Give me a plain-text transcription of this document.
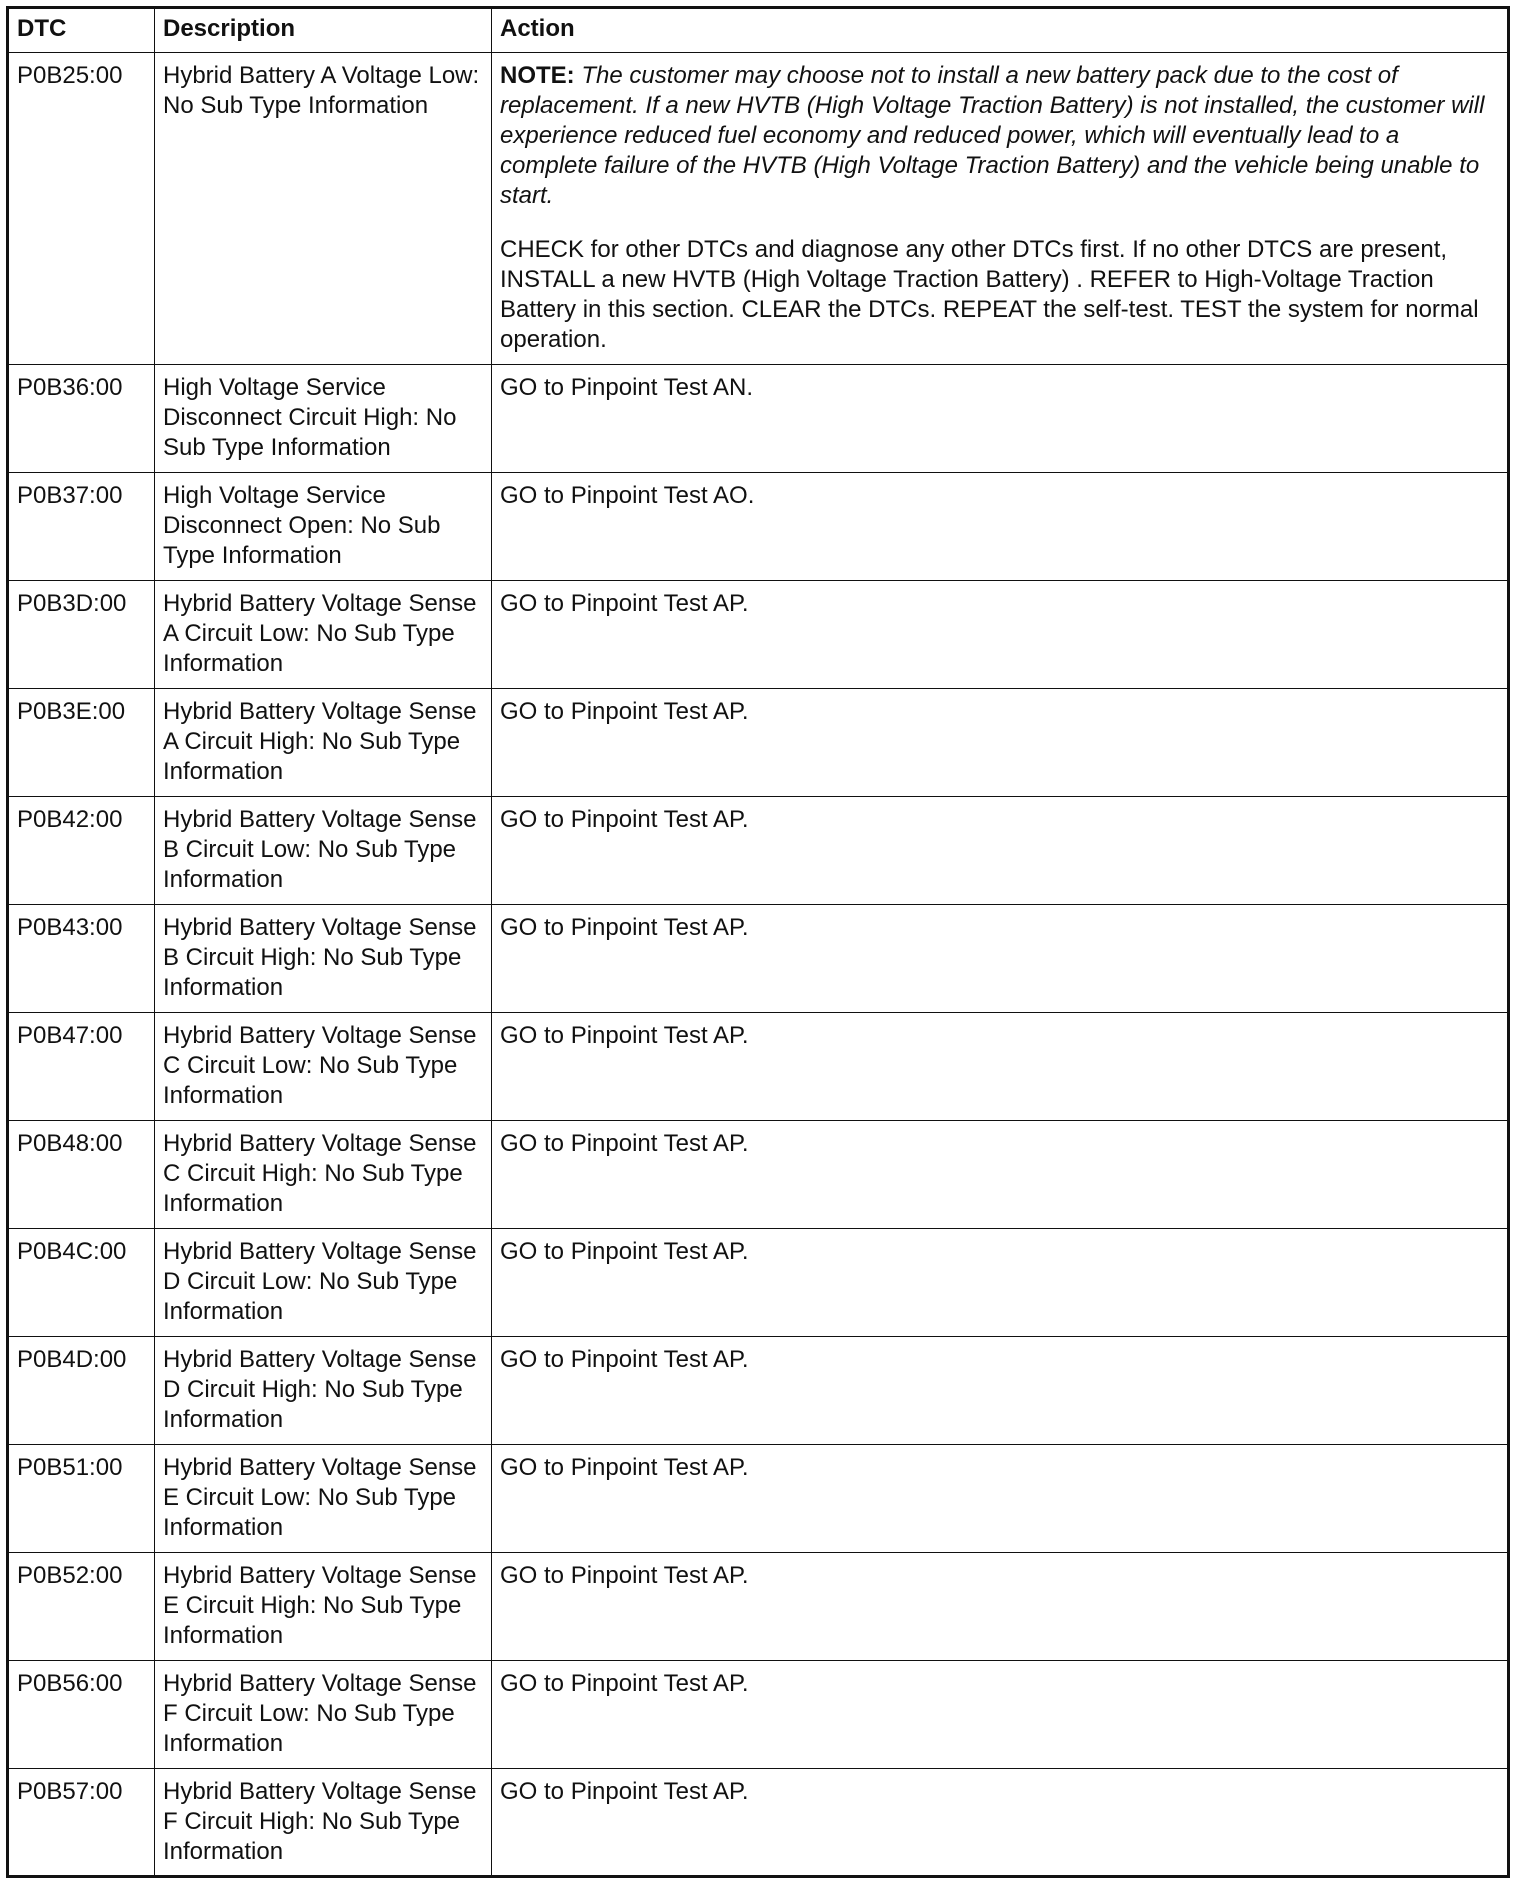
DTC	Description	Action
P0B25:00	Hybrid Battery A Voltage Low: No Sub Type Information	NOTE: The customer may choose not to install a new battery pack due to the cost of replacement. If a new HVTB (High Voltage Traction Battery) is not installed, the customer will experience reduced fuel economy and reduced power, which will eventually lead to a complete failure of the HVTB (High Voltage Traction Battery) and the vehicle being unable to start.

CHECK for other DTCs and diagnose any other DTCs first. If no other DTCS are present, INSTALL a new HVTB (High Voltage Traction Battery) . REFER to High-Voltage Traction Battery in this section. CLEAR the DTCs. REPEAT the self-test. TEST the system for normal operation.

P0B36:00	High Voltage Service Disconnect Circuit High: No Sub Type Information	GO to Pinpoint Test AN.
P0B37:00	High Voltage Service Disconnect Open: No Sub Type Information	GO to Pinpoint Test AO.
P0B3D:00	Hybrid Battery Voltage Sense A Circuit Low: No Sub Type Information	GO to Pinpoint Test AP.
P0B3E:00	Hybrid Battery Voltage Sense A Circuit High: No Sub Type Information	GO to Pinpoint Test AP.
P0B42:00	Hybrid Battery Voltage Sense B Circuit Low: No Sub Type Information	GO to Pinpoint Test AP.
P0B43:00	Hybrid Battery Voltage Sense B Circuit High: No Sub Type Information	GO to Pinpoint Test AP.
P0B47:00	Hybrid Battery Voltage Sense C Circuit Low: No Sub Type Information	GO to Pinpoint Test AP.
P0B48:00	Hybrid Battery Voltage Sense C Circuit High: No Sub Type Information	GO to Pinpoint Test AP.
P0B4C:00	Hybrid Battery Voltage Sense D Circuit Low: No Sub Type Information	GO to Pinpoint Test AP.
P0B4D:00	Hybrid Battery Voltage Sense D Circuit High: No Sub Type Information	GO to Pinpoint Test AP.
P0B51:00	Hybrid Battery Voltage Sense E Circuit Low: No Sub Type Information	GO to Pinpoint Test AP.
P0B52:00	Hybrid Battery Voltage Sense E Circuit High: No Sub Type Information	GO to Pinpoint Test AP.
P0B56:00	Hybrid Battery Voltage Sense F Circuit Low: No Sub Type Information	GO to Pinpoint Test AP.
P0B57:00	Hybrid Battery Voltage Sense F Circuit High: No Sub Type Information	GO to Pinpoint Test AP.
